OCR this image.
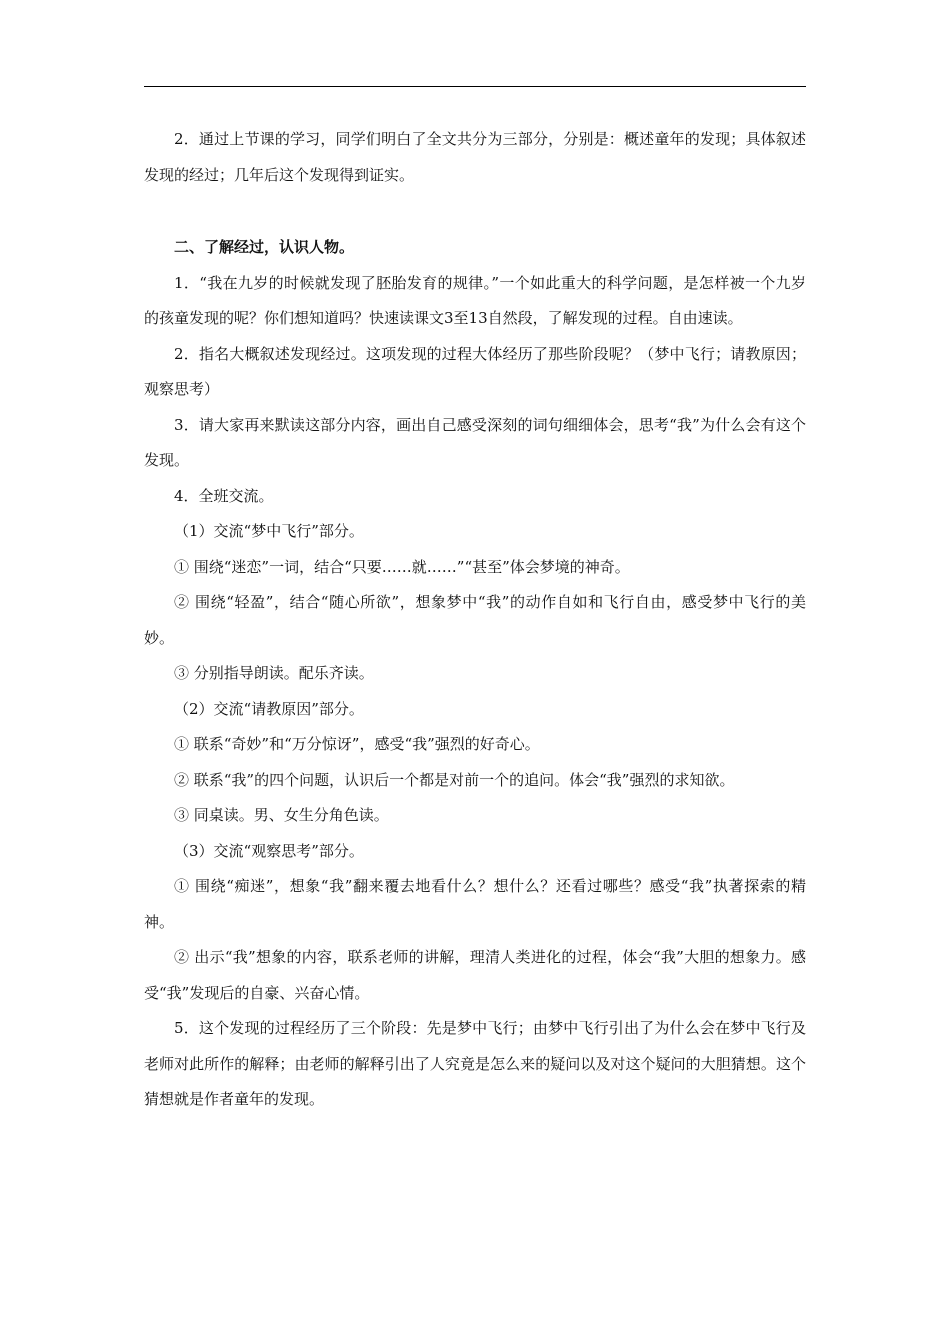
2．通过上节课的学习，同学们明白了全文共分为三部分，分别是：概述童年的发现；具体叙述发现的经过；几年后这个发现得到证实。

二、了解经过，认识人物。

1．“我在九岁的时候就发现了胚胎发育的规律。”一个如此重大的科学问题，是怎样被一个九岁的孩童发现的呢？你们想知道吗？快速读课文3至13自然段，了解发现的过程。自由速读。

2．指名大概叙述发现经过。这项发现的过程大体经历了那些阶段呢？（梦中飞行；请教原因；观察思考）

3．请大家再来默读这部分内容，画出自己感受深刻的词句细细体会，思考“我”为什么会有这个发现。

4．全班交流。

（1）交流“梦中飞行”部分。

① 围绕“迷恋”一词，结合“只要……就……”“甚至”体会梦境的神奇。

② 围绕“轻盈”，结合“随心所欲”，想象梦中“我”的动作自如和飞行自由，感受梦中飞行的美妙。

③ 分别指导朗读。配乐齐读。

（2）交流“请教原因”部分。

① 联系“奇妙”和“万分惊讶”，感受“我”强烈的好奇心。

② 联系“我”的四个问题，认识后一个都是对前一个的追问。体会“我”强烈的求知欲。

③ 同桌读。男、女生分角色读。

（3）交流“观察思考”部分。

① 围绕“痴迷”，想象“我”翻来覆去地看什么？想什么？还看过哪些？感受“我”执著探索的精神。

② 出示“我”想象的内容，联系老师的讲解，理清人类进化的过程，体会“我”大胆的想象力。感受“我”发现后的自豪、兴奋心情。

5．这个发现的过程经历了三个阶段：先是梦中飞行；由梦中飞行引出了为什么会在梦中飞行及老师对此所作的解释；由老师的解释引出了人究竟是怎么来的疑问以及对这个疑问的大胆猜想。这个猜想就是作者童年的发现。
